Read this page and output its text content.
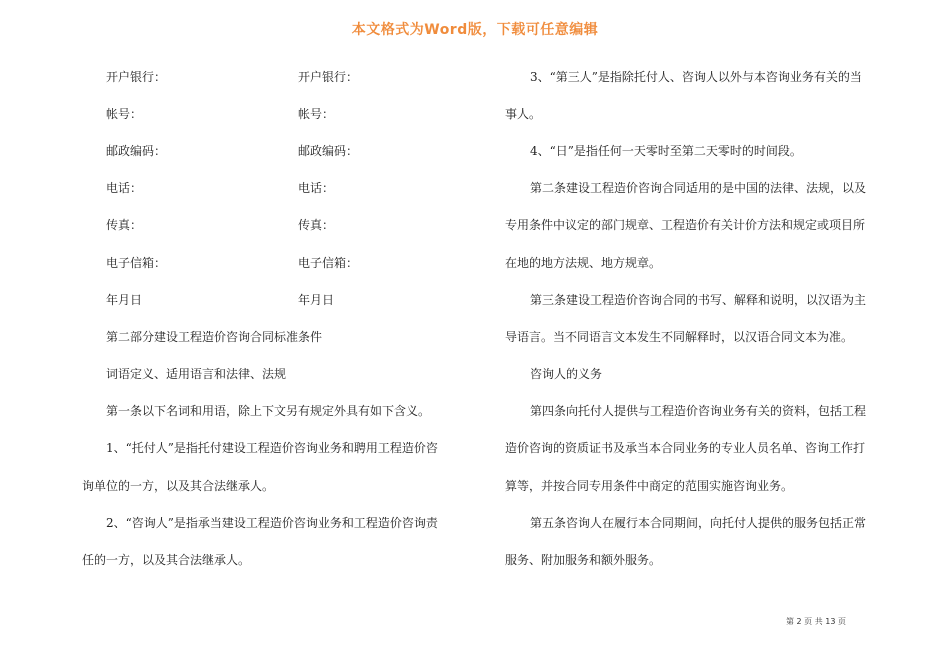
本文格式为Word版，下载可任意编辑
开户银行：	开户银行：
帐号：	帐号：
邮政编码：	邮政编码：
电话：	电话：
传真：	传真：
电子信箱：	电子信箱：
年月日	年月日
第二部分建设工程造价咨询合同标准条件
词语定义、适用语言和法律、法规
第一条以下名词和用语，除上下文另有规定外具有如下含义。
1、“托付人”是指托付建设工程造价咨询业务和聘用工程造价咨
询单位的一方，以及其合法继承人。
2、“咨询人”是指承当建设工程造价咨询业务和工程造价咨询责
任的一方，以及其合法继承人。
3、“第三人”是指除托付人、咨询人以外与本咨询业务有关的当
事人。
4、“日”是指任何一天零时至第二天零时的时间段。
第二条建设工程造价咨询合同适用的是中国的法律、法规，以及
专用条件中议定的部门规章、工程造价有关计价方法和规定或项目所
在地的地方法规、地方规章。
第三条建设工程造价咨询合同的书写、解释和说明，以汉语为主
导语言。当不同语言文本发生不同解释时，以汉语合同文本为准。
咨询人的义务
第四条向托付人提供与工程造价咨询业务有关的资料，包括工程
造价咨询的资质证书及承当本合同业务的专业人员名单、咨询工作打
算等，并按合同专用条件中商定的范围实施咨询业务。
第五条咨询人在履行本合同期间，向托付人提供的服务包括正常
服务、附加服务和额外服务。
第 2 页 共 13 页
